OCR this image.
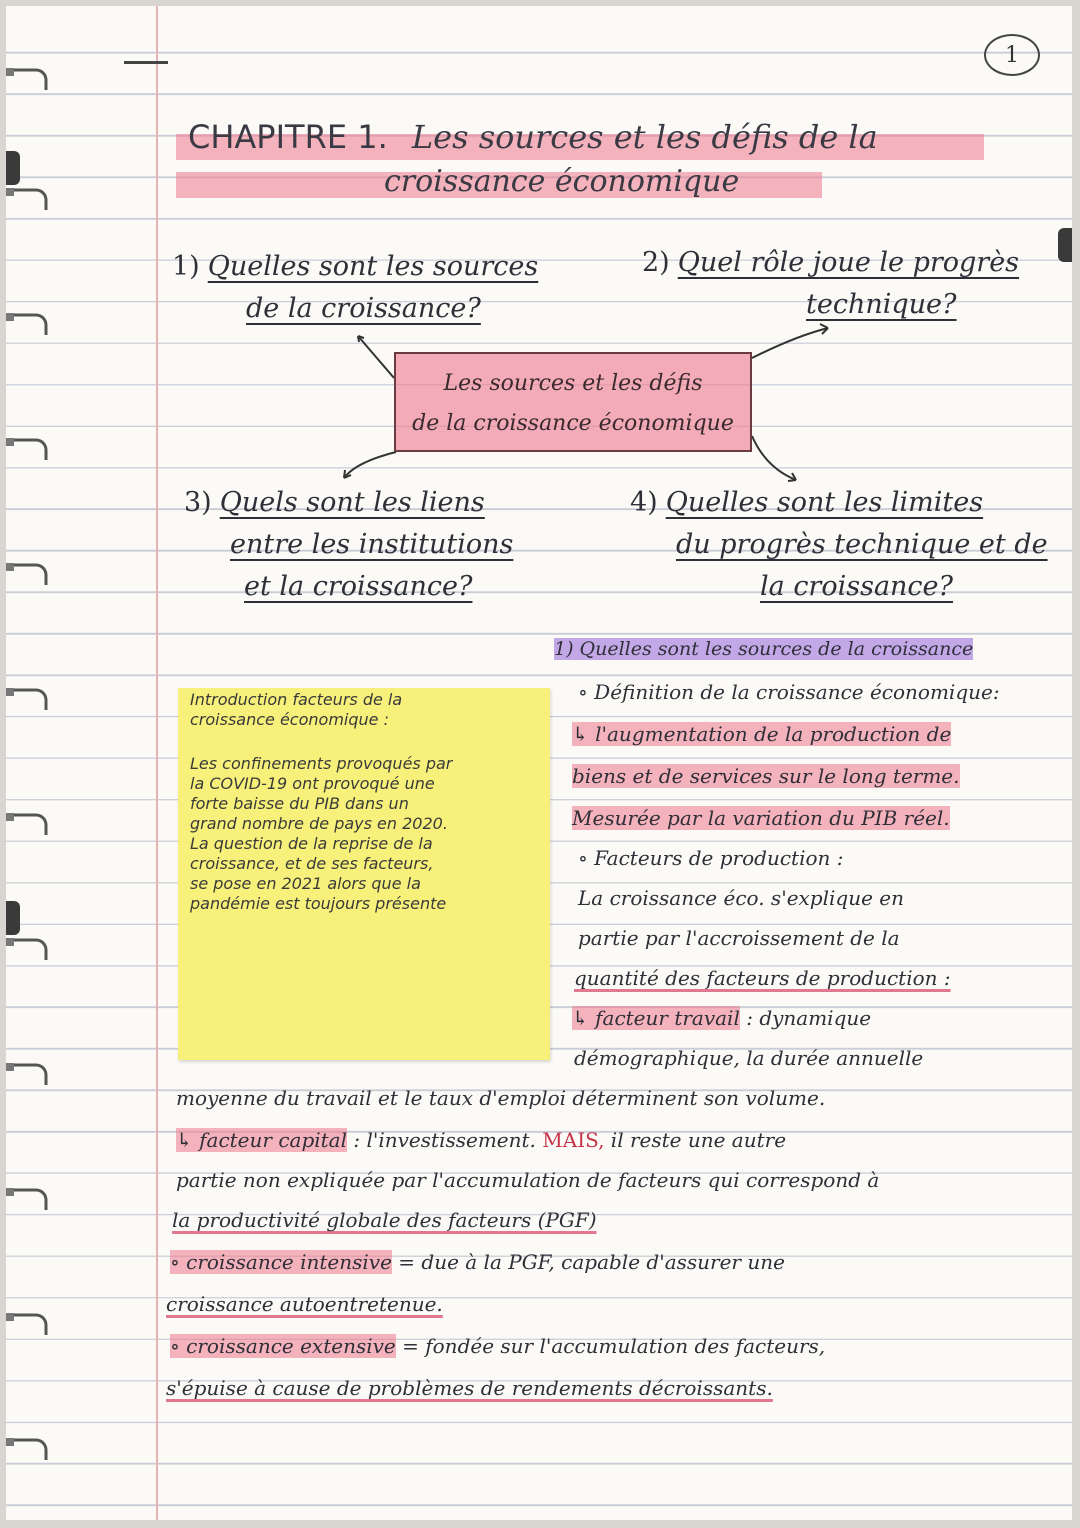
1
CHAPITRE 1. Les sources et les défis de la
croissance économique
1) Quelles sont les sources
de la croissance?
2) Quel rôle joue le progrès
technique?
Les sources et les défis
de la croissance économique
3) Quels sont les liens
entre les institutions
et la croissance?
4) Quelles sont les limites
du progrès technique et de
la croissance?
Introduction facteurs de la
croissance économique :
Les confinements provoqués par
la COVID-19 ont provoqué une
forte baisse du PIB dans un
grand nombre de pays en 2020.
La question de la reprise de la
croissance, et de ses facteurs,
se pose en 2021 alors que la
pandémie est toujours présente
1) Quelles sont les sources de la croissance
∘ Définition de la croissance économique:
↳ l'augmentation de la production de
biens et de services sur le long terme.
Mesurée par la variation du PIB réel.
∘ Facteurs de production :
La croissance éco. s'explique en
partie par l'accroissement de la
quantité des facteurs de production :
↳ facteur travail : dynamique
démographique, la durée annuelle
moyenne du travail et le taux d'emploi déterminent son volume.
↳ facteur capital : l'investissement. MAIS, il reste une autre
partie non expliquée par l'accumulation de facteurs qui correspond à
la productivité globale des facteurs (PGF)
∘ croissance intensive = due à la PGF, capable d'assurer une
croissance autoentretenue.
∘ croissance extensive = fondée sur l'accumulation des facteurs,
s'épuise à cause de problèmes de rendements décroissants.
